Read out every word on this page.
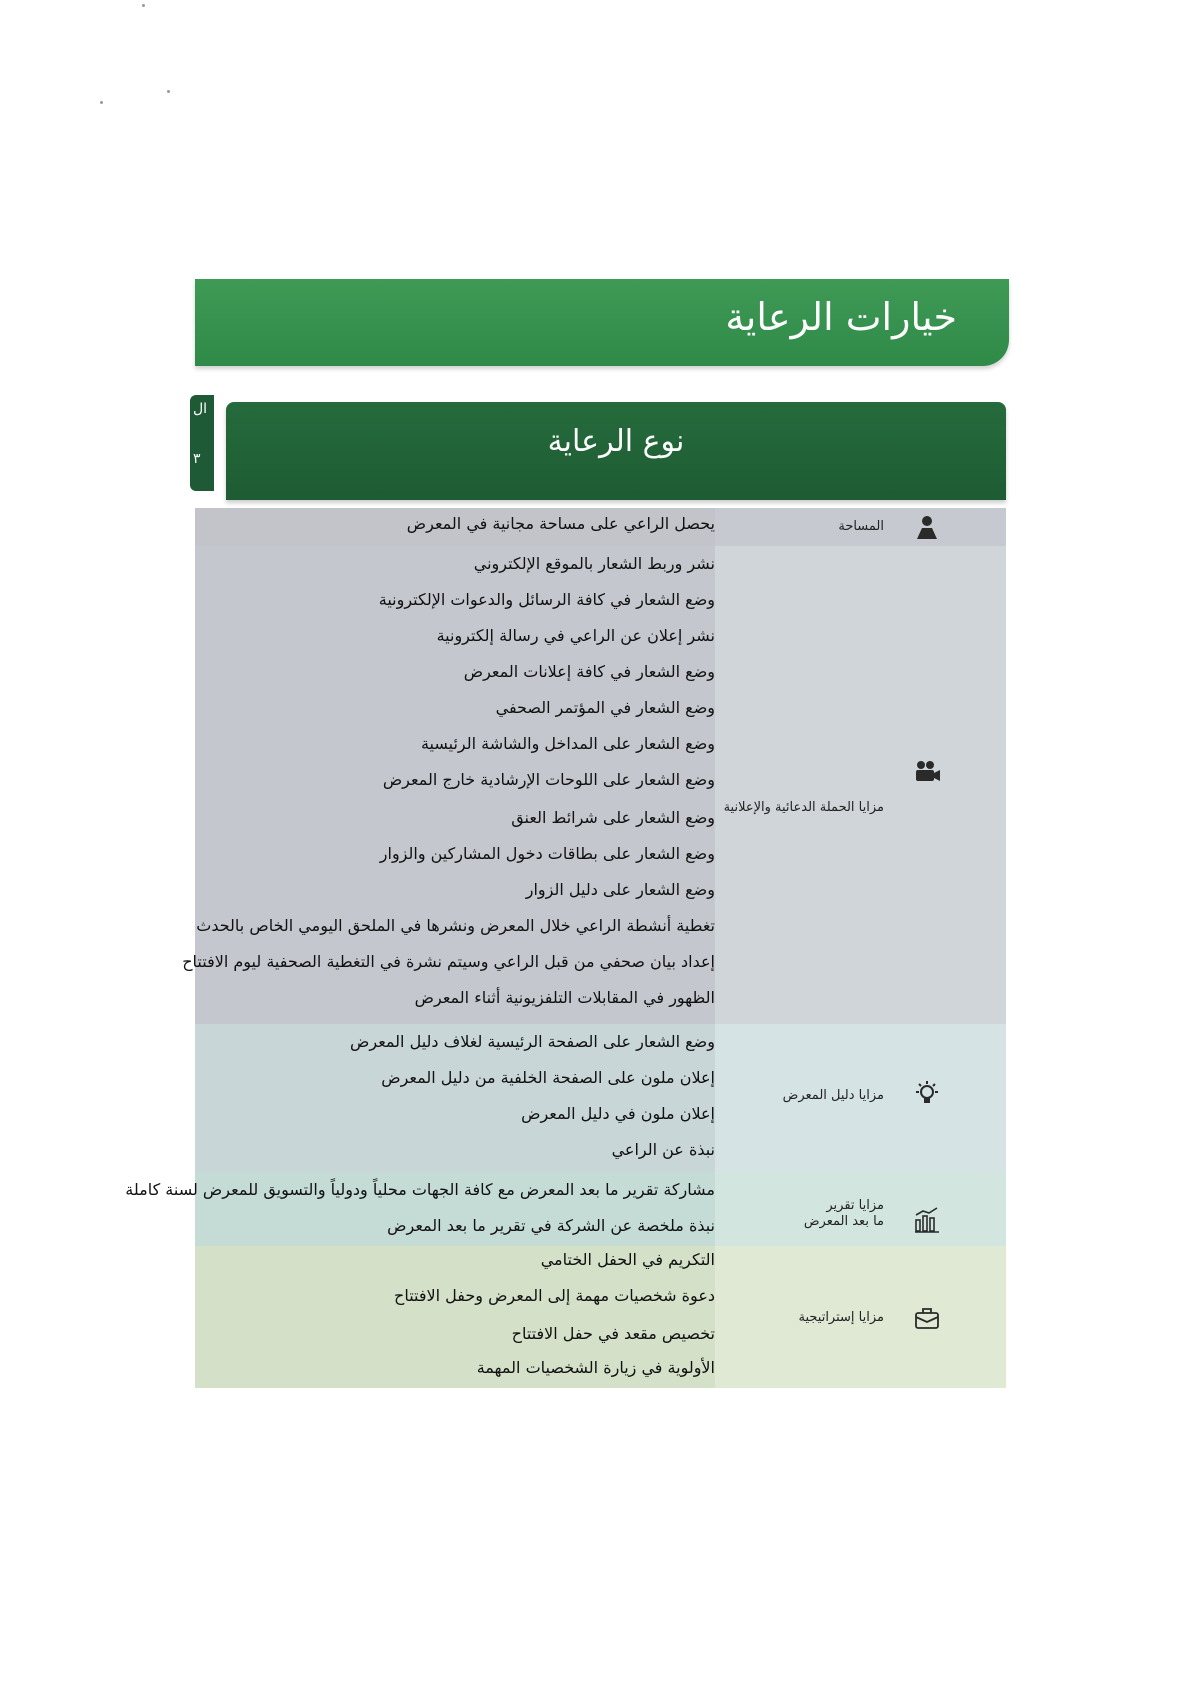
خيارات الرعاية
ال
٣	نوع الرعاية
يحصل الراعي على مساحة مجانية في المعرض	المساحة
نشر وربط الشعار بالموقع الإلكتروني
وضع الشعار في كافة الرسائل والدعوات الإلكترونية
نشر إعلان عن الراعي في رسالة إلكترونية
وضع الشعار في كافة إعلانات المعرض
وضع الشعار في المؤتمر الصحفي
وضع الشعار على المداخل والشاشة الرئيسية
وضع الشعار على اللوحات الإرشادية خارج المعرض
وضع الشعار على شرائط العنق
وضع الشعار على بطاقات دخول المشاركين والزوار
وضع الشعار على دليل الزوار
تغطية أنشطة الراعي خلال المعرض ونشرها في الملحق اليومي الخاص بالحدث
إعداد بيان صحفي من قبل الراعي وسيتم نشرة في التغطية الصحفية ليوم الافتتاح
الظهور في المقابلات التلفزيونية أثناء المعرض
مزايا الحملة الدعائية والإعلانية
وضع الشعار على الصفحة الرئيسية لغلاف دليل المعرض
إعلان ملون على الصفحة الخلفية من دليل المعرض
إعلان ملون في دليل المعرض
نبذة عن الراعي
مزايا دليل المعرض
مشاركة تقرير ما بعد المعرض مع كافة الجهات محلياً ودولياً والتسويق للمعرض لسنة كاملة
نبذة ملخصة عن الشركة في تقرير ما بعد المعرض
مزايا تقرير
ما بعد المعرض
التكريم في الحفل الختامي
دعوة شخصيات مهمة إلى المعرض وحفل الافتتاح
تخصيص مقعد في حفل الافتتاح
الأولوية في زيارة الشخصيات المهمة
مزايا إستراتيجية
